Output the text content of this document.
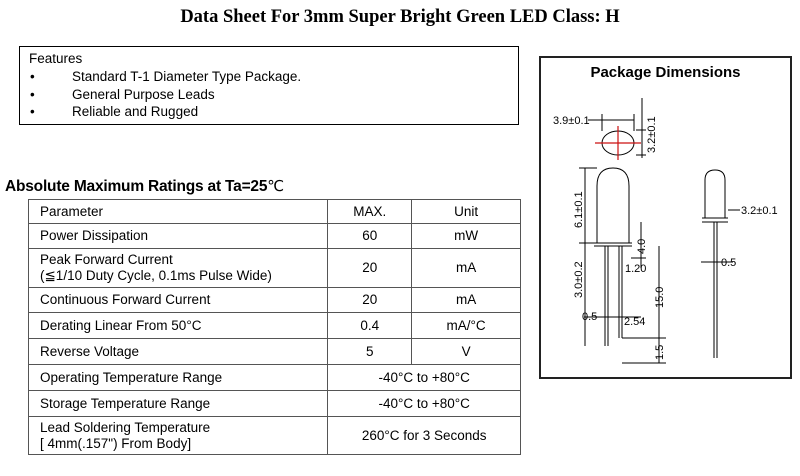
Data Sheet For 3mm Super Bright Green LED Class: H
Features
•	Standard T-1 Diameter Type Package.
•	General Purpose Leads
•	Reliable and Rugged
Absolute Maximum Ratings at Ta=25℃
Parameter	MAX.	Unit
Power Dissipation	60	mW
Peak Forward Current
(≦1/10 Duty Cycle, 0.1ms Pulse Wide)	20	mA
Continuous Forward Current	20	mA
Derating Linear From 50°C	0.4	mA/°C
Reverse Voltage	5	V
Operating Temperature Range	-40°C to +80°C	
Storage Temperature Range	-40°C to +80°C	
Lead Soldering Temperature
[ 4mm(.157") From Body]	260°C for 3 Seconds	
Package Dimensions
3.9±0.1	3.2±0.1
6.1±0.1
3.0±0.2
4.0
1.20
15.0
0.5 2.54
1.5
3.2±0.1
0.5
